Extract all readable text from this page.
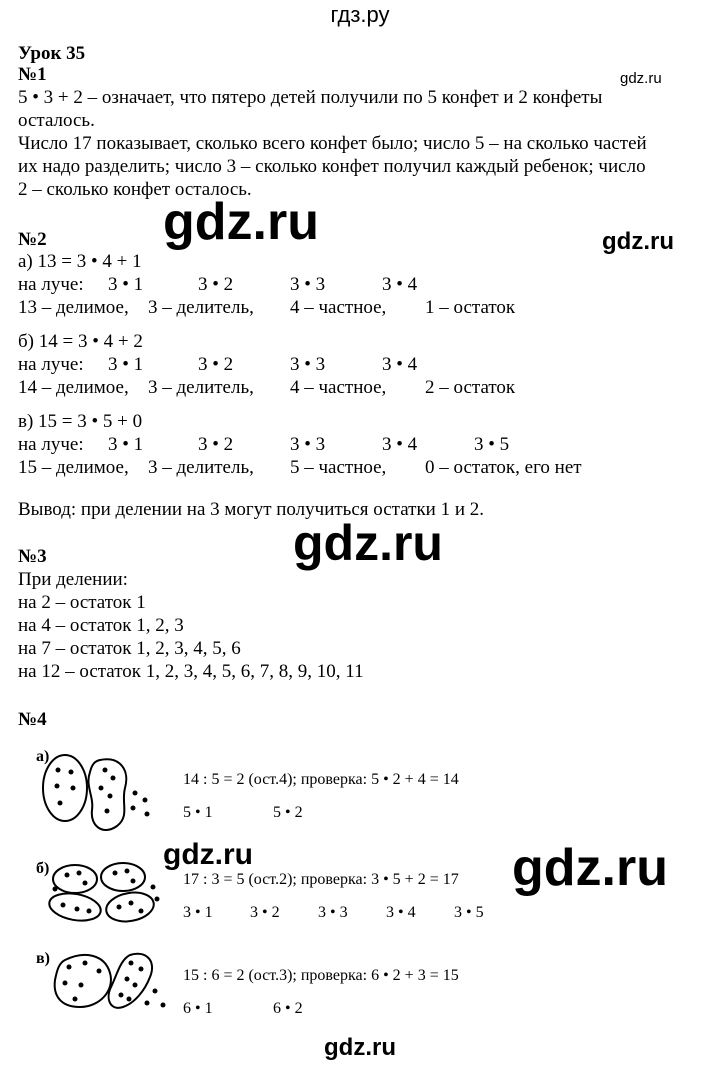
гдз.ру
Урок 35
№1	gdz.ru
5 • 3 + 2 – означает, что пятеро детей получили по 5 конфет и 2 конфеты
осталось.
Число 17 показывает, сколько всего конфет было; число 5 – на сколько частей
их надо разделить; число 3 – сколько конфет получил каждый ребенок; число
2 – сколько конфет осталось.
gdz.ru	gdz.ru
№2
а) 13 = 3 • 4 + 1
на луче: 3 • 1	3 • 2	3 • 3	3 • 4
13 – делимое, 3 – делитель, 4 – частное, 1 – остаток
б) 14 = 3 • 4 + 2
на луче: 3 • 1	3 • 2	3 • 3	3 • 4
14 – делимое, 3 – делитель, 4 – частное, 2 – остаток
в) 15 = 3 • 5 + 0
на луче: 3 • 1	3 • 2	3 • 3	3 • 4	3 • 5
15 – делимое, 3 – делитель, 5 – частное, 0 – остаток, его нет
Вывод: при делении на 3 могут получиться остатки 1 и 2.
gdz.ru
№3
При делении:
на 2 – остаток 1
на 4 – остаток 1, 2, 3
на 7 – остаток 1, 2, 3, 4, 5, 6
на 12 – остаток 1, 2, 3, 4, 5, 6, 7, 8, 9, 10, 11
№4
а)
14 : 5 = 2 (ост.4); проверка: 5 • 2 + 4 = 14
5 • 1	5 • 2
gdz.ru	gdz.ru
б)
17 : 3 = 5 (ост.2); проверка: 3 • 5 + 2 = 17
3 • 1 3 • 2 3 • 3 3 • 4 3 • 5
в)
15 : 6 = 2 (ост.3); проверка: 6 • 2 + 3 = 15
6 • 1	6 • 2
gdz.ru
